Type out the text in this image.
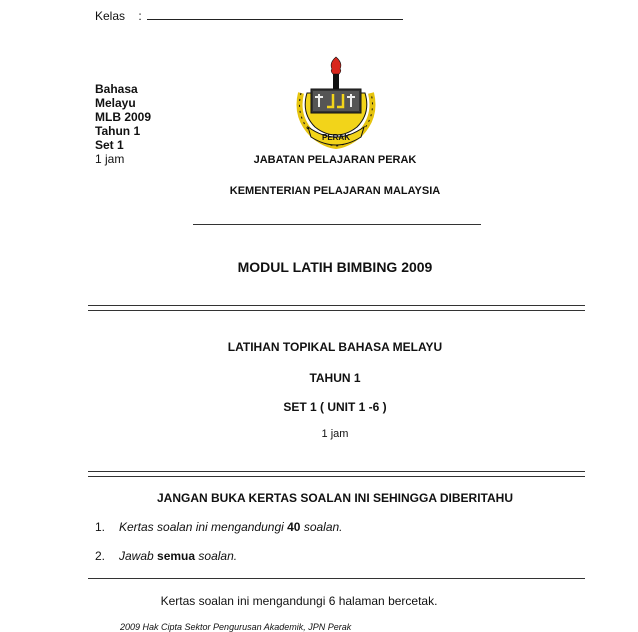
Kelas :
Bahasa
Melayu
MLB 2009
Tahun 1
Set 1
1 jam
PERAK
JABATAN PELAJARAN PERAK
KEMENTERIAN PELAJARAN MALAYSIA
MODUL LATIH BIMBING 2009
LATIHAN TOPIKAL BAHASA MELAYU
TAHUN 1
SET 1 ( UNIT 1 -6 )
1 jam
JANGAN BUKA KERTAS SOALAN INI SEHINGGA DIBERITAHU
1. Kertas soalan ini mengandungi 40 soalan.
2. Jawab semua soalan.
Kertas soalan ini mengandungi 6 halaman bercetak.
2009 Hak Cipta Sektor Pengurusan Akademik, JPN Perak
